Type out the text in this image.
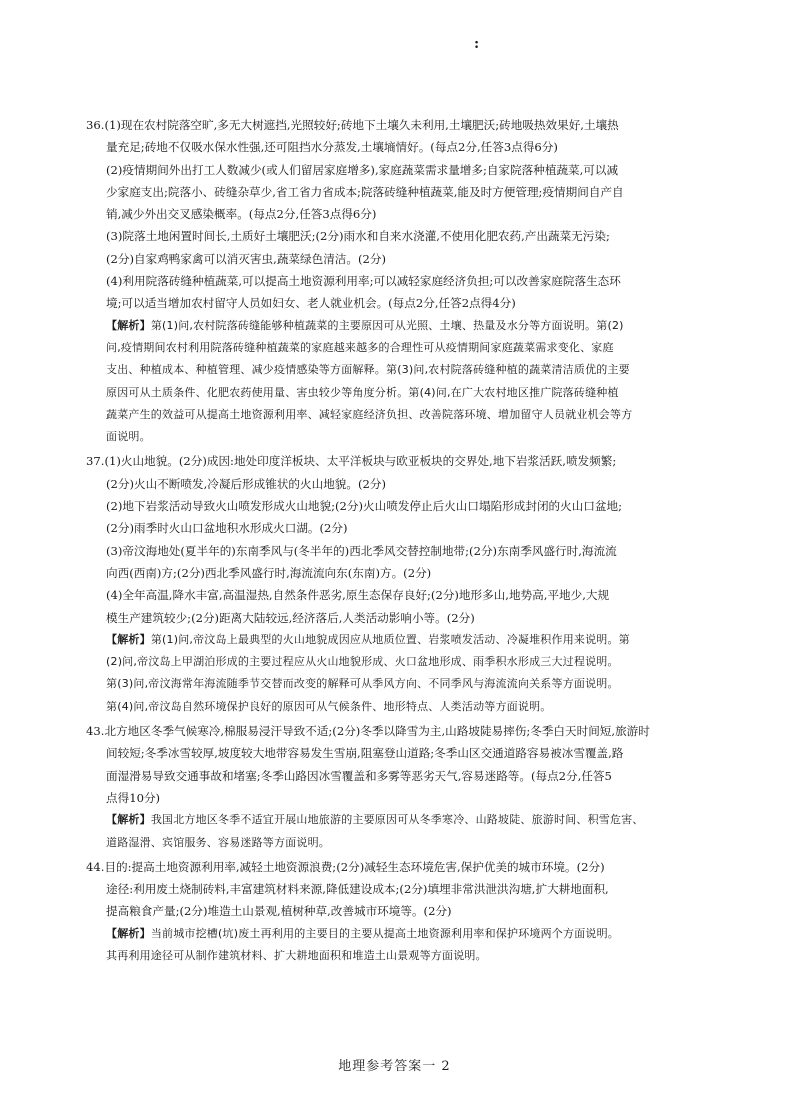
:
36.(1)现在农村院落空旷,多无大树遮挡,光照较好;砖地下土壤久未利用,土壤肥沃;砖地吸热效果好,土壤热
量充足;砖地不仅吸水保水性强,还可阻挡水分蒸发,土壤墒情好。(每点2分,任答3点得6分)
(2)疫情期间外出打工人数减少(或人们留居家庭增多),家庭蔬菜需求量增多;自家院落种植蔬菜,可以减
少家庭支出;院落小、砖缝杂草少,省工省力省成本;院落砖缝种植蔬菜,能及时方便管理;疫情期间自产自
销,减少外出交叉感染概率。(每点2分,任答3点得6分)
(3)院落土地闲置时间长,土质好土壤肥沃;(2分)雨水和自来水浇灌,不使用化肥农药,产出蔬菜无污染;
(2分)自家鸡鸭家禽可以消灭害虫,蔬菜绿色清洁。(2分)
(4)利用院落砖缝种植蔬菜,可以提高土地资源利用率;可以减轻家庭经济负担;可以改善家庭院落生态环
境;可以适当增加农村留守人员如妇女、老人就业机会。(每点2分,任答2点得4分)
【解析】第(1)问,农村院落砖缝能够种植蔬菜的主要原因可从光照、土壤、热量及水分等方面说明。第(2)
问,疫情期间农村利用院落砖缝种植蔬菜的家庭越来越多的合理性可从疫情期间家庭蔬菜需求变化、家庭
支出、种植成本、种植管理、减少疫情感染等方面解释。第(3)问,农村院落砖缝种植的蔬菜清洁质优的主要
原因可从土质条件、化肥农药使用量、害虫较少等角度分析。第(4)问,在广大农村地区推广院落砖缝种植
蔬菜产生的效益可从提高土地资源利用率、减轻家庭经济负担、改善院落环境、增加留守人员就业机会等方
面说明。
37.(1)火山地貌。(2分)成因:地处印度洋板块、太平洋板块与欧亚板块的交界处,地下岩浆活跃,喷发频繁;
(2分)火山不断喷发,冷凝后形成锥状的火山地貌。(2分)
(2)地下岩浆活动导致火山喷发形成火山地貌;(2分)火山喷发停止后火山口塌陷形成封闭的火山口盆地;
(2分)雨季时火山口盆地积水形成火口湖。(2分)
(3)帝汶海地处(夏半年的)东南季风与(冬半年的)西北季风交替控制地带;(2分)东南季风盛行时,海流流
向西(西南)方;(2分)西北季风盛行时,海流流向东(东南)方。(2分)
(4)全年高温,降水丰富,高温湿热,自然条件恶劣,原生态保存良好;(2分)地形多山,地势高,平地少,大规
模生产建筑较少;(2分)距离大陆较远,经济落后,人类活动影响小等。(2分)
【解析】第(1)问,帝汶岛上最典型的火山地貌成因应从地质位置、岩浆喷发活动、冷凝堆积作用来说明。第
(2)问,帝汶岛上甲湖泊形成的主要过程应从火山地貌形成、火口盆地形成、雨季积水形成三大过程说明。
第(3)问,帝汶海常年海流随季节交替而改变的解释可从季风方向、不同季风与海流流向关系等方面说明。
第(4)问,帝汶岛自然环境保护良好的原因可从气候条件、地形特点、人类活动等方面说明。
43.北方地区冬季气候寒冷,棉服易浸汗导致不适;(2分)冬季以降雪为主,山路坡陡易摔伤;冬季白天时间短,旅游时
间较短;冬季冰雪较厚,坡度较大地带容易发生雪崩,阻塞登山道路;冬季山区交通道路容易被冰雪覆盖,路
面湿滑易导致交通事故和堵塞;冬季山路因冰雪覆盖和多雾等恶劣天气,容易迷路等。(每点2分,任答5
点得10分)
【解析】我国北方地区冬季不适宜开展山地旅游的主要原因可从冬季寒冷、山路坡陡、旅游时间、积雪危害、
道路湿滑、宾馆服务、容易迷路等方面说明。
44.目的:提高土地资源利用率,减轻土地资源浪费;(2分)减轻生态环境危害,保护优美的城市环境。(2分)
途径:利用废土烧制砖料,丰富建筑材料来源,降低建设成本;(2分)填埋非常洪泄洪沟塘,扩大耕地面积,
提高粮食产量;(2分)堆造土山景观,植树种草,改善城市环境等。(2分)
【解析】当前城市挖槽(坑)废土再利用的主要目的主要从提高土地资源利用率和保护环境两个方面说明。
其再利用途径可从制作建筑材料、扩大耕地面积和堆造土山景观等方面说明。
地理参考答案一 2
